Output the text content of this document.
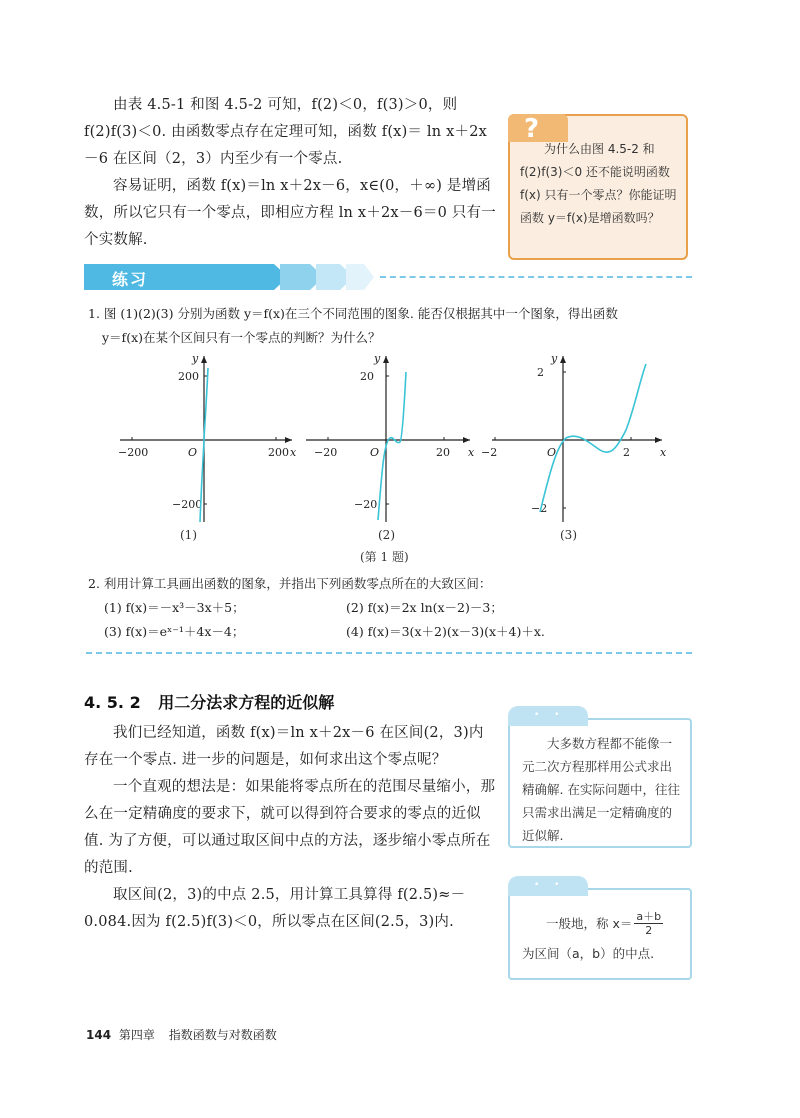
由表 4.5-1 和图 4.5-2 可知，f(2)＜0，f(3)＞0，则 f(2)f(3)＜0. 由函数零点存在定理可知，函数 f(x)＝ ln x＋2x－6 在区间（2，3）内至少有一个零点.

容易证明，函数 f(x)＝ln x＋2x－6，x∈(0，＋∞) 是增函数，所以它只有一个零点，即相应方程 ln x＋2x－6＝0 只有一个实数解.

?
为什么由图 4.5-2 和 f(2)f(3)＜0 还不能说明函数 f(x) 只有一个零点？你能证明函数 y＝f(x)是增函数吗？
练习
1. 图 (1)(2)(3) 分别为函数 y＝f(x)在三个不同范围的图象. 能否仅根据其中一个图象，得出函数
y＝f(x)在某个区间只有一个零点的判断？为什么？
x
y
O
−200	200
200
−200
x
y
O
−20	20
20
−20
x
y
O
−2	2
2
−2
(1)	(2)	(3)
(第 1 题)
2. 利用计算工具画出函数的图象，并指出下列函数零点所在的大致区间：
(1) f(x)＝－x³－3x＋5；	(2) f(x)＝2x ln(x－2)－3；
(3) f(x)＝eˣ⁻¹＋4x－4；	(4) f(x)＝3(x＋2)(x－3)(x＋4)＋x.
4. 5. 2 用二分法求方程的近似解

我们已经知道，函数 f(x)＝ln x＋2x－6 在区间(2，3)内存在一个零点. 进一步的问题是，如何求出这个零点呢？

一个直观的想法是：如果能将零点所在的范围尽量缩小，那么在一定精确度的要求下，就可以得到符合要求的零点的近似值. 为了方便，可以通过取区间中点的方法，逐步缩小零点所在的范围.

取区间(2，3)的中点 2.5，用计算工具算得 f(2.5)≈－0.084.因为 f(2.5)f(3)＜0，所以零点在区间(2.5，3)内.

• •
大多数方程都不能像一元二次方程那样用公式求出精确解. 在实际问题中，往往只需求出满足一定精确度的近似解.
• •
一般地，称 $x= \frac{a+b}{2}$
为区间（a，b）的中点.
144 第四章 指数函数与对数函数
